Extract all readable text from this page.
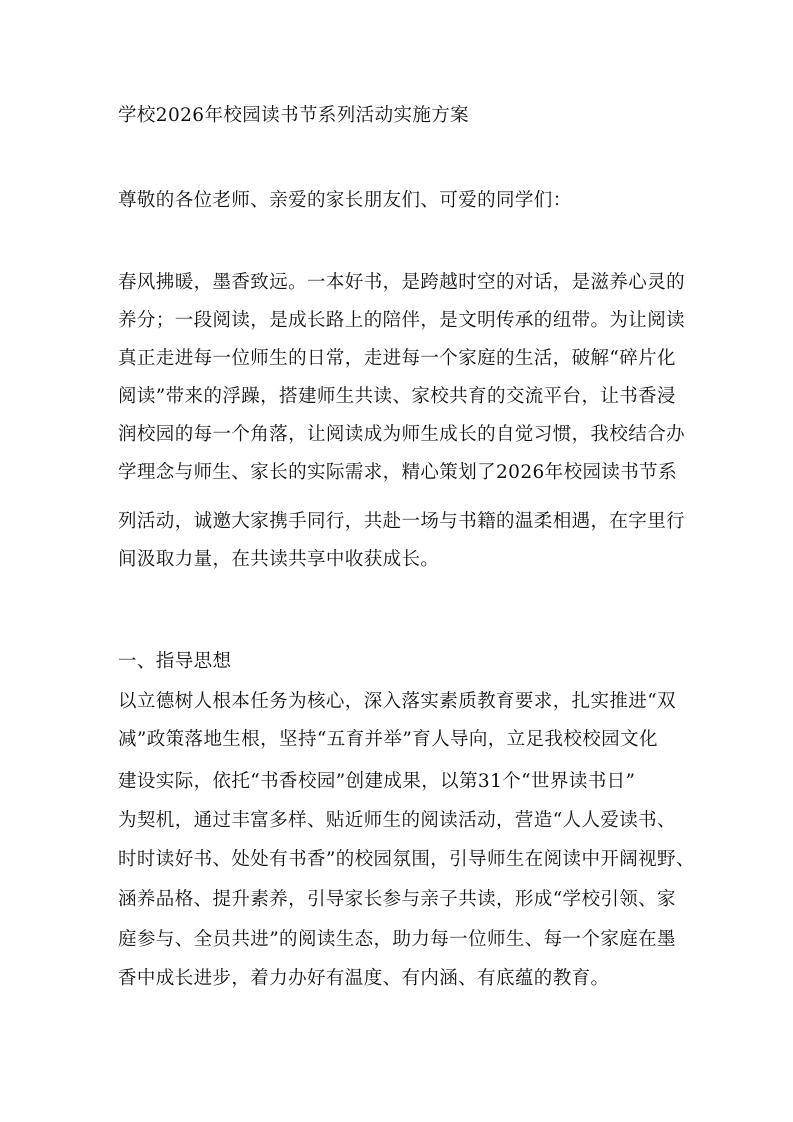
学校2026年校园读书节系列活动实施方案
尊敬的各位老师、亲爱的家长朋友们、可爱的同学们：
春风拂暖，墨香致远。一本好书，是跨越时空的对话，是滋养心灵的
养分；一段阅读，是成长路上的陪伴，是文明传承的纽带。为让阅读
真正走进每一位师生的日常，走进每一个家庭的生活，破解“碎片化
阅读”带来的浮躁，搭建师生共读、家校共育的交流平台，让书香浸
润校园的每一个角落，让阅读成为师生成长的自觉习惯，我校结合办
学理念与师生、家长的实际需求，精心策划了2026年校园读书节系
列活动，诚邀大家携手同行，共赴一场与书籍的温柔相遇，在字里行
间汲取力量，在共读共享中收获成长。
一、指导思想
以立德树人根本任务为核心，深入落实素质教育要求，扎实推进“双
减”政策落地生根，坚持“五育并举”育人导向，立足我校校园文化
建设实际，依托“书香校园”创建成果，以第31个“世界读书日”
为契机，通过丰富多样、贴近师生的阅读活动，营造“人人爱读书、
时时读好书、处处有书香”的校园氛围，引导师生在阅读中开阔视野、
涵养品格、提升素养，引导家长参与亲子共读，形成“学校引领、家
庭参与、全员共进”的阅读生态，助力每一位师生、每一个家庭在墨
香中成长进步，着力办好有温度、有内涵、有底蕴的教育。
